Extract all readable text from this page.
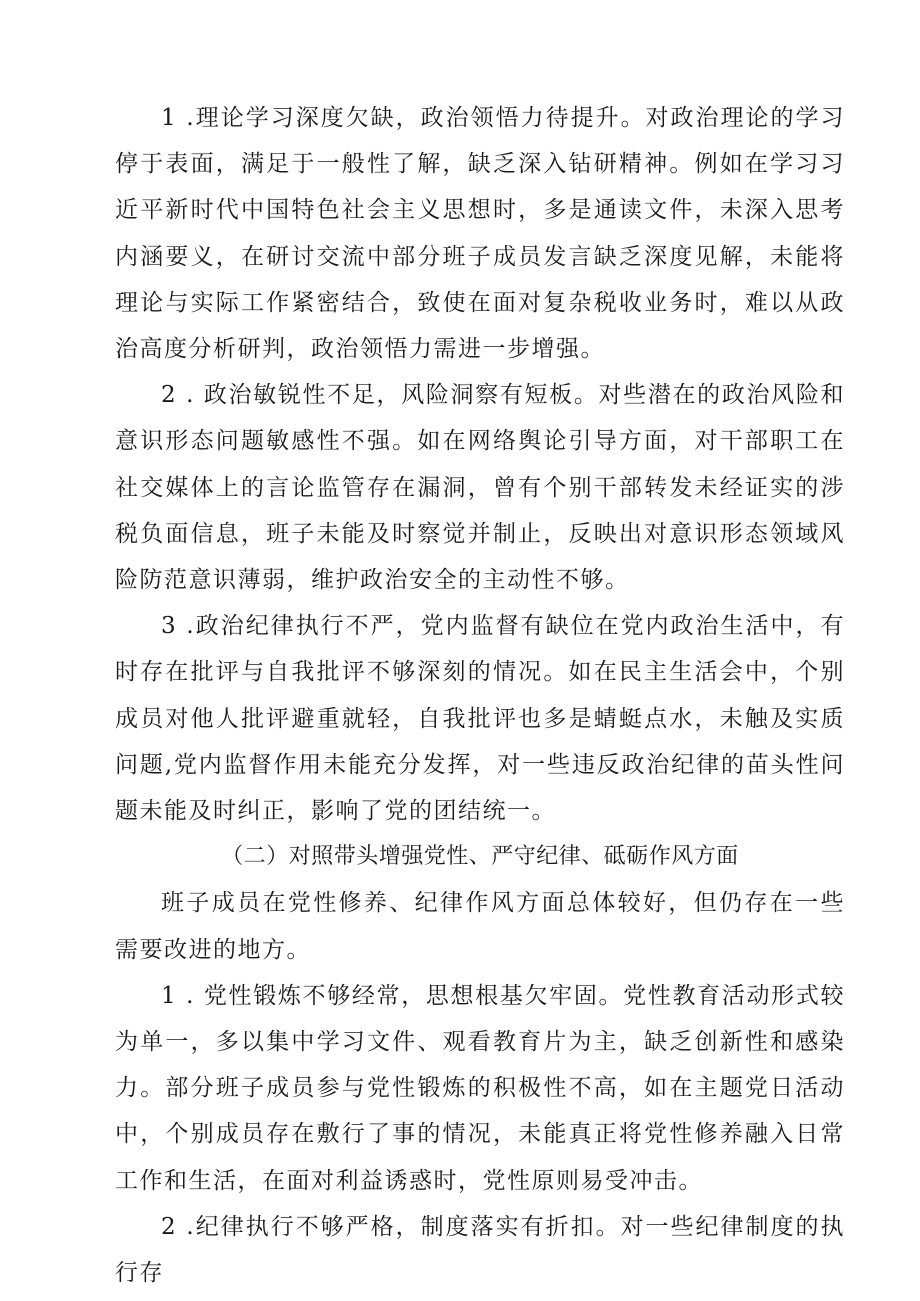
1 .理论学习深度欠缺，政治领悟力待提升。对政治理论的学习停于表面，满足于一般性了解，缺乏深入钻研精神。例如在学习习近平新时代中国特色社会主义思想时，多是通读文件，未深入思考内涵要义，在研讨交流中部分班子成员发言缺乏深度见解，未能将理论与实际工作紧密结合，致使在面对复杂税收业务时，难以从政治高度分析研判，政治领悟力需进一步增强。

2 . 政治敏锐性不足，风险洞察有短板。对些潜在的政治风险和意识形态问题敏感性不强。如在网络舆论引导方面，对干部职工在社交媒体上的言论监管存在漏洞，曾有个别干部转发未经证实的涉税负面信息，班子未能及时察觉并制止，反映出对意识形态领域风险防范意识薄弱，维护政治安全的主动性不够。

3 .政治纪律执行不严，党内监督有缺位在党内政治生活中，有时存在批评与自我批评不够深刻的情况。如在民主生活会中，个别成员对他人批评避重就轻，自我批评也多是蜻蜓点水，未触及实质问题,党内监督作用未能充分发挥，对一些违反政治纪律的苗头性问题未能及时纠正，影响了党的团结统一。

（二）对照带头增强党性、严守纪律、砥砺作风方面

班子成员在党性修养、纪律作风方面总体较好，但仍存在一些需要改进的地方。

1 . 党性锻炼不够经常，思想根基欠牢固。党性教育活动形式较为单一，多以集中学习文件、观看教育片为主，缺乏创新性和感染力。部分班子成员参与党性锻炼的积极性不高，如在主题党日活动中，个别成员存在敷行了事的情况，未能真正将党性修养融入日常工作和生活，在面对利益诱惑时，党性原则易受冲击。

2 .纪律执行不够严格，制度落实有折扣。对一些纪律制度的执行存
